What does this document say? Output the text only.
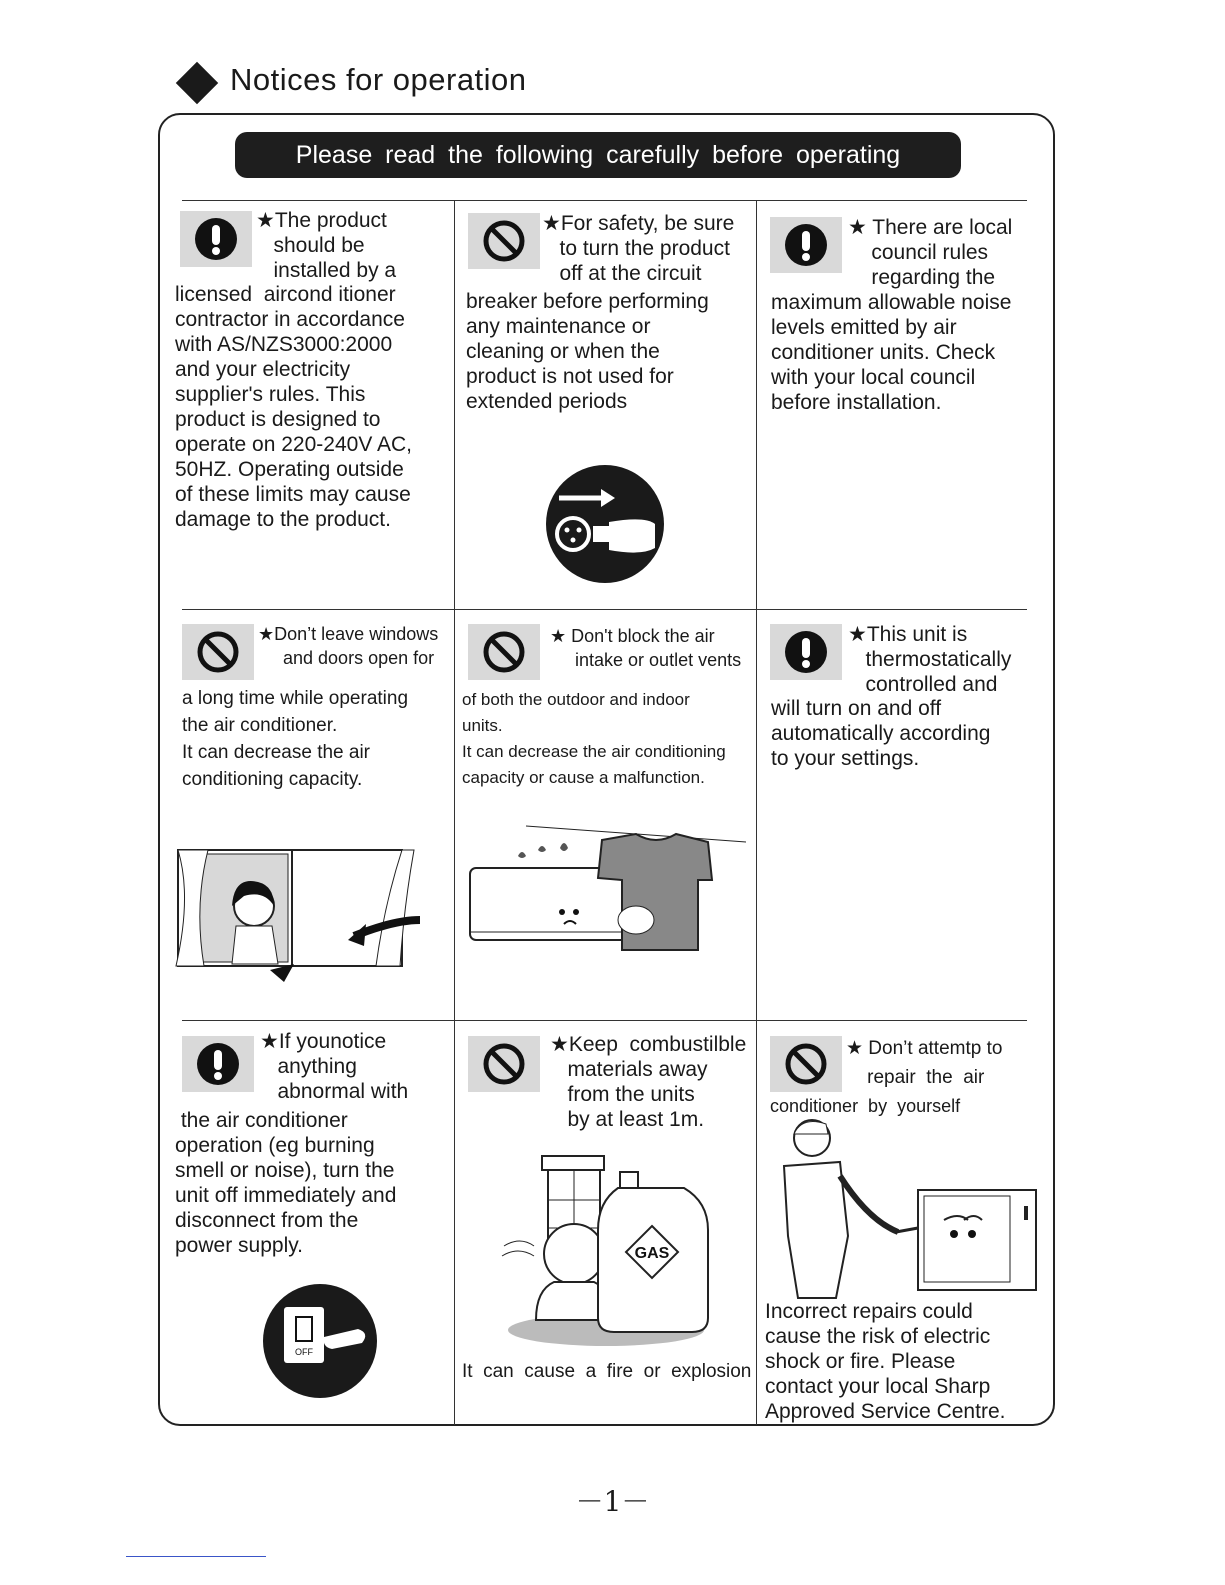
Notices for operation
Please read the following carefully before operating
★The product
should be
installed by a
licensed  aircond itioner
contractor in accordance
with AS/NZS3000:2000
and your electricity
supplier's rules. This
product is designed to
operate on 220-240V AC,
50HZ. Operating outside
of these limits may cause
damage to the product.
★For safety, be sure
to turn the product
off at the circuit
breaker before performing
any maintenance or
cleaning or when the
product is not used for
extended periods
★ There are local
council rules
regarding the
maximum allowable noise
levels emitted by air
conditioner units. Check
with your local council
before installation.
★Don’t leave windows
and doors open for
a long time while operating
the air conditioner.
It can decrease the air
conditioning capacity.
★ Don't block the air
intake or outlet vents
of both the outdoor and indoor
units.
It can decrease the air conditioning
capacity or cause a malfunction.
★This unit is
thermostatically
controlled and
will turn on and off
automatically according
to your settings.
★If younotice
anything
abnormal with
the air conditioner
operation (eg burning
smell or noise), turn the
unit off immediately and
disconnect from the
power supply.
OFF
★Keep  combustilble
materials away
from the units
by at least 1m.
GAS
It  can  cause  a  fire  or  explosion
★ Don’t attemtp to
repair  the  air
conditioner  by  yourself
Incorrect repairs could
cause the risk of electric
shock or fire. Please
contact your local Sharp
Approved Service Centre.
－1－
